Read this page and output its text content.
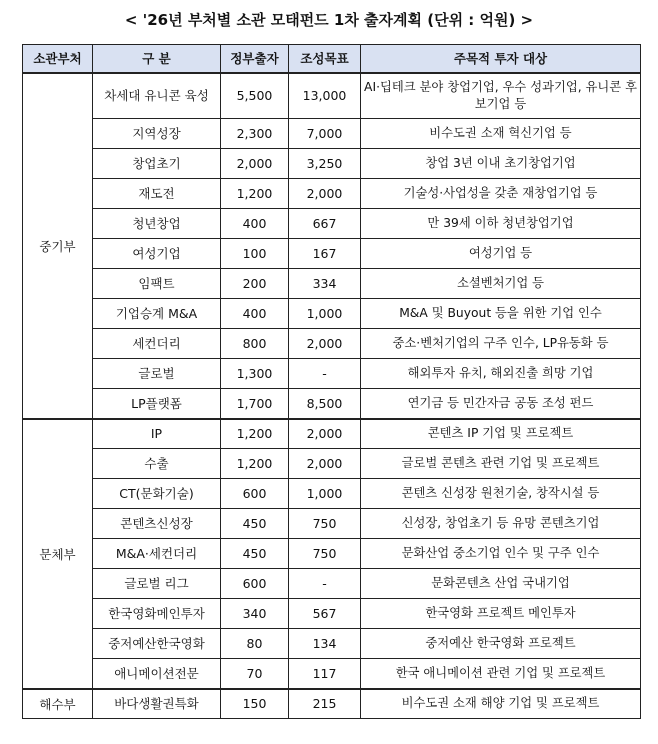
< '26년 부처별 소관 모태펀드 1차 출자계획 (단위 : 억원) >
소관부처	구 분	정부출자	조성목표	주목적 투자 대상
중기부	차세대 유니콘 육성	5,500	13,000	AI·딥테크 분야 창업기업, 우수 성과기업, 유니콘 후보기업 등
	지역성장	2,300	7,000	비수도권 소재 혁신기업 등
	창업초기	2,000	3,250	창업 3년 이내 초기창업기업
	재도전	1,200	2,000	기술성·사업성을 갖춘 재창업기업 등
	청년창업	400	667	만 39세 이하 청년창업기업
	여성기업	100	167	여성기업 등
	임팩트	200	334	소셜벤처기업 등
	기업승계 M&A	400	1,000	M&A 및 Buyout 등을 위한 기업 인수
	세컨더리	800	2,000	중소·벤처기업의 구주 인수, LP유동화 등
	글로벌	1,300	-	해외투자 유치, 해외진출 희망 기업
	LP플랫폼	1,700	8,500	연기금 등 민간자금 공동 조성 펀드
문체부	IP	1,200	2,000	콘텐츠 IP 기업 및 프로젝트
	수출	1,200	2,000	글로벌 콘텐츠 관련 기업 및 프로젝트
	CT(문화기술)	600	1,000	콘텐츠 신성장 원천기술, 창작시설 등
	콘텐츠신성장	450	750	신성장, 창업초기 등 유망 콘텐츠기업
	M&A·세컨더리	450	750	문화산업 중소기업 인수 및 구주 인수
	글로벌 리그	600	-	문화콘텐츠 산업 국내기업
	한국영화메인투자	340	567	한국영화 프로젝트 메인투자
	중저예산한국영화	80	134	중저예산 한국영화 프로젝트
	애니메이션전문	70	117	한국 애니메이션 관련 기업 및 프로젝트
해수부	바다생활권특화	150	215	비수도권 소재 해양 기업 및 프로젝트
